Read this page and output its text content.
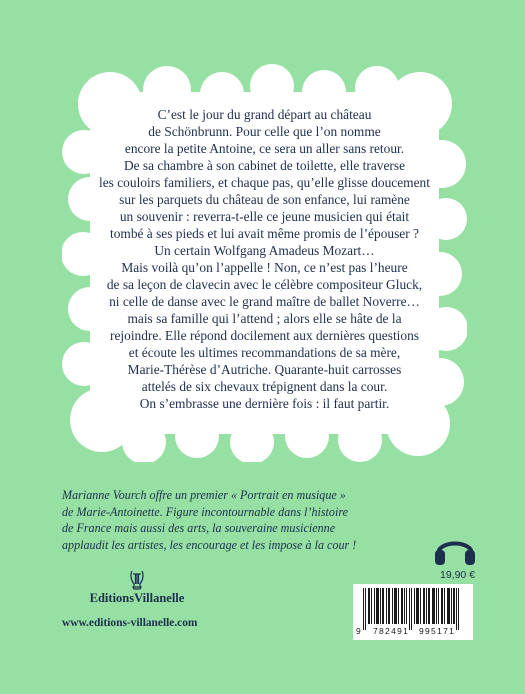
C’est le jour du grand départ au château
de Schönbrunn. Pour celle que l’on nomme
encore la petite Antoine, ce sera un aller sans retour.
De sa chambre à son cabinet de toilette, elle traverse
les couloirs familiers, et chaque pas, qu’elle glisse doucement
sur les parquets du château de son enfance, lui ramène
un souvenir : reverra-t-elle ce jeune musicien qui était
tombé à ses pieds et lui avait même promis de l’épouser ?
Un certain Wolfgang Amadeus Mozart…
Mais voilà qu’on l’appelle ! Non, ce n’est pas l’heure
de sa leçon de clavecin avec le célèbre compositeur Gluck,
ni celle de danse avec le grand maître de ballet Noverre…
mais sa famille qui l’attend ; alors elle se hâte de la
rejoindre. Elle répond docilement aux dernières questions
et écoute les ultimes recommandations de sa mère,
Marie-Thérèse d’Autriche. Quarante-huit carrosses
attelés de six chevaux trépignent dans la cour.
On s’embrasse une dernière fois : il faut partir.

Marianne Vourch offre un premier « Portrait en musique »
de Marie-Antoinette. Figure incontournable dans l’histoire
de France mais aussi des arts, la souveraine musicienne
applaudit les artistes, les encourage et les impose à la cour !

EditionsVillanelle
www.editions-villanelle.com
19,90 €
9 782491 995171
